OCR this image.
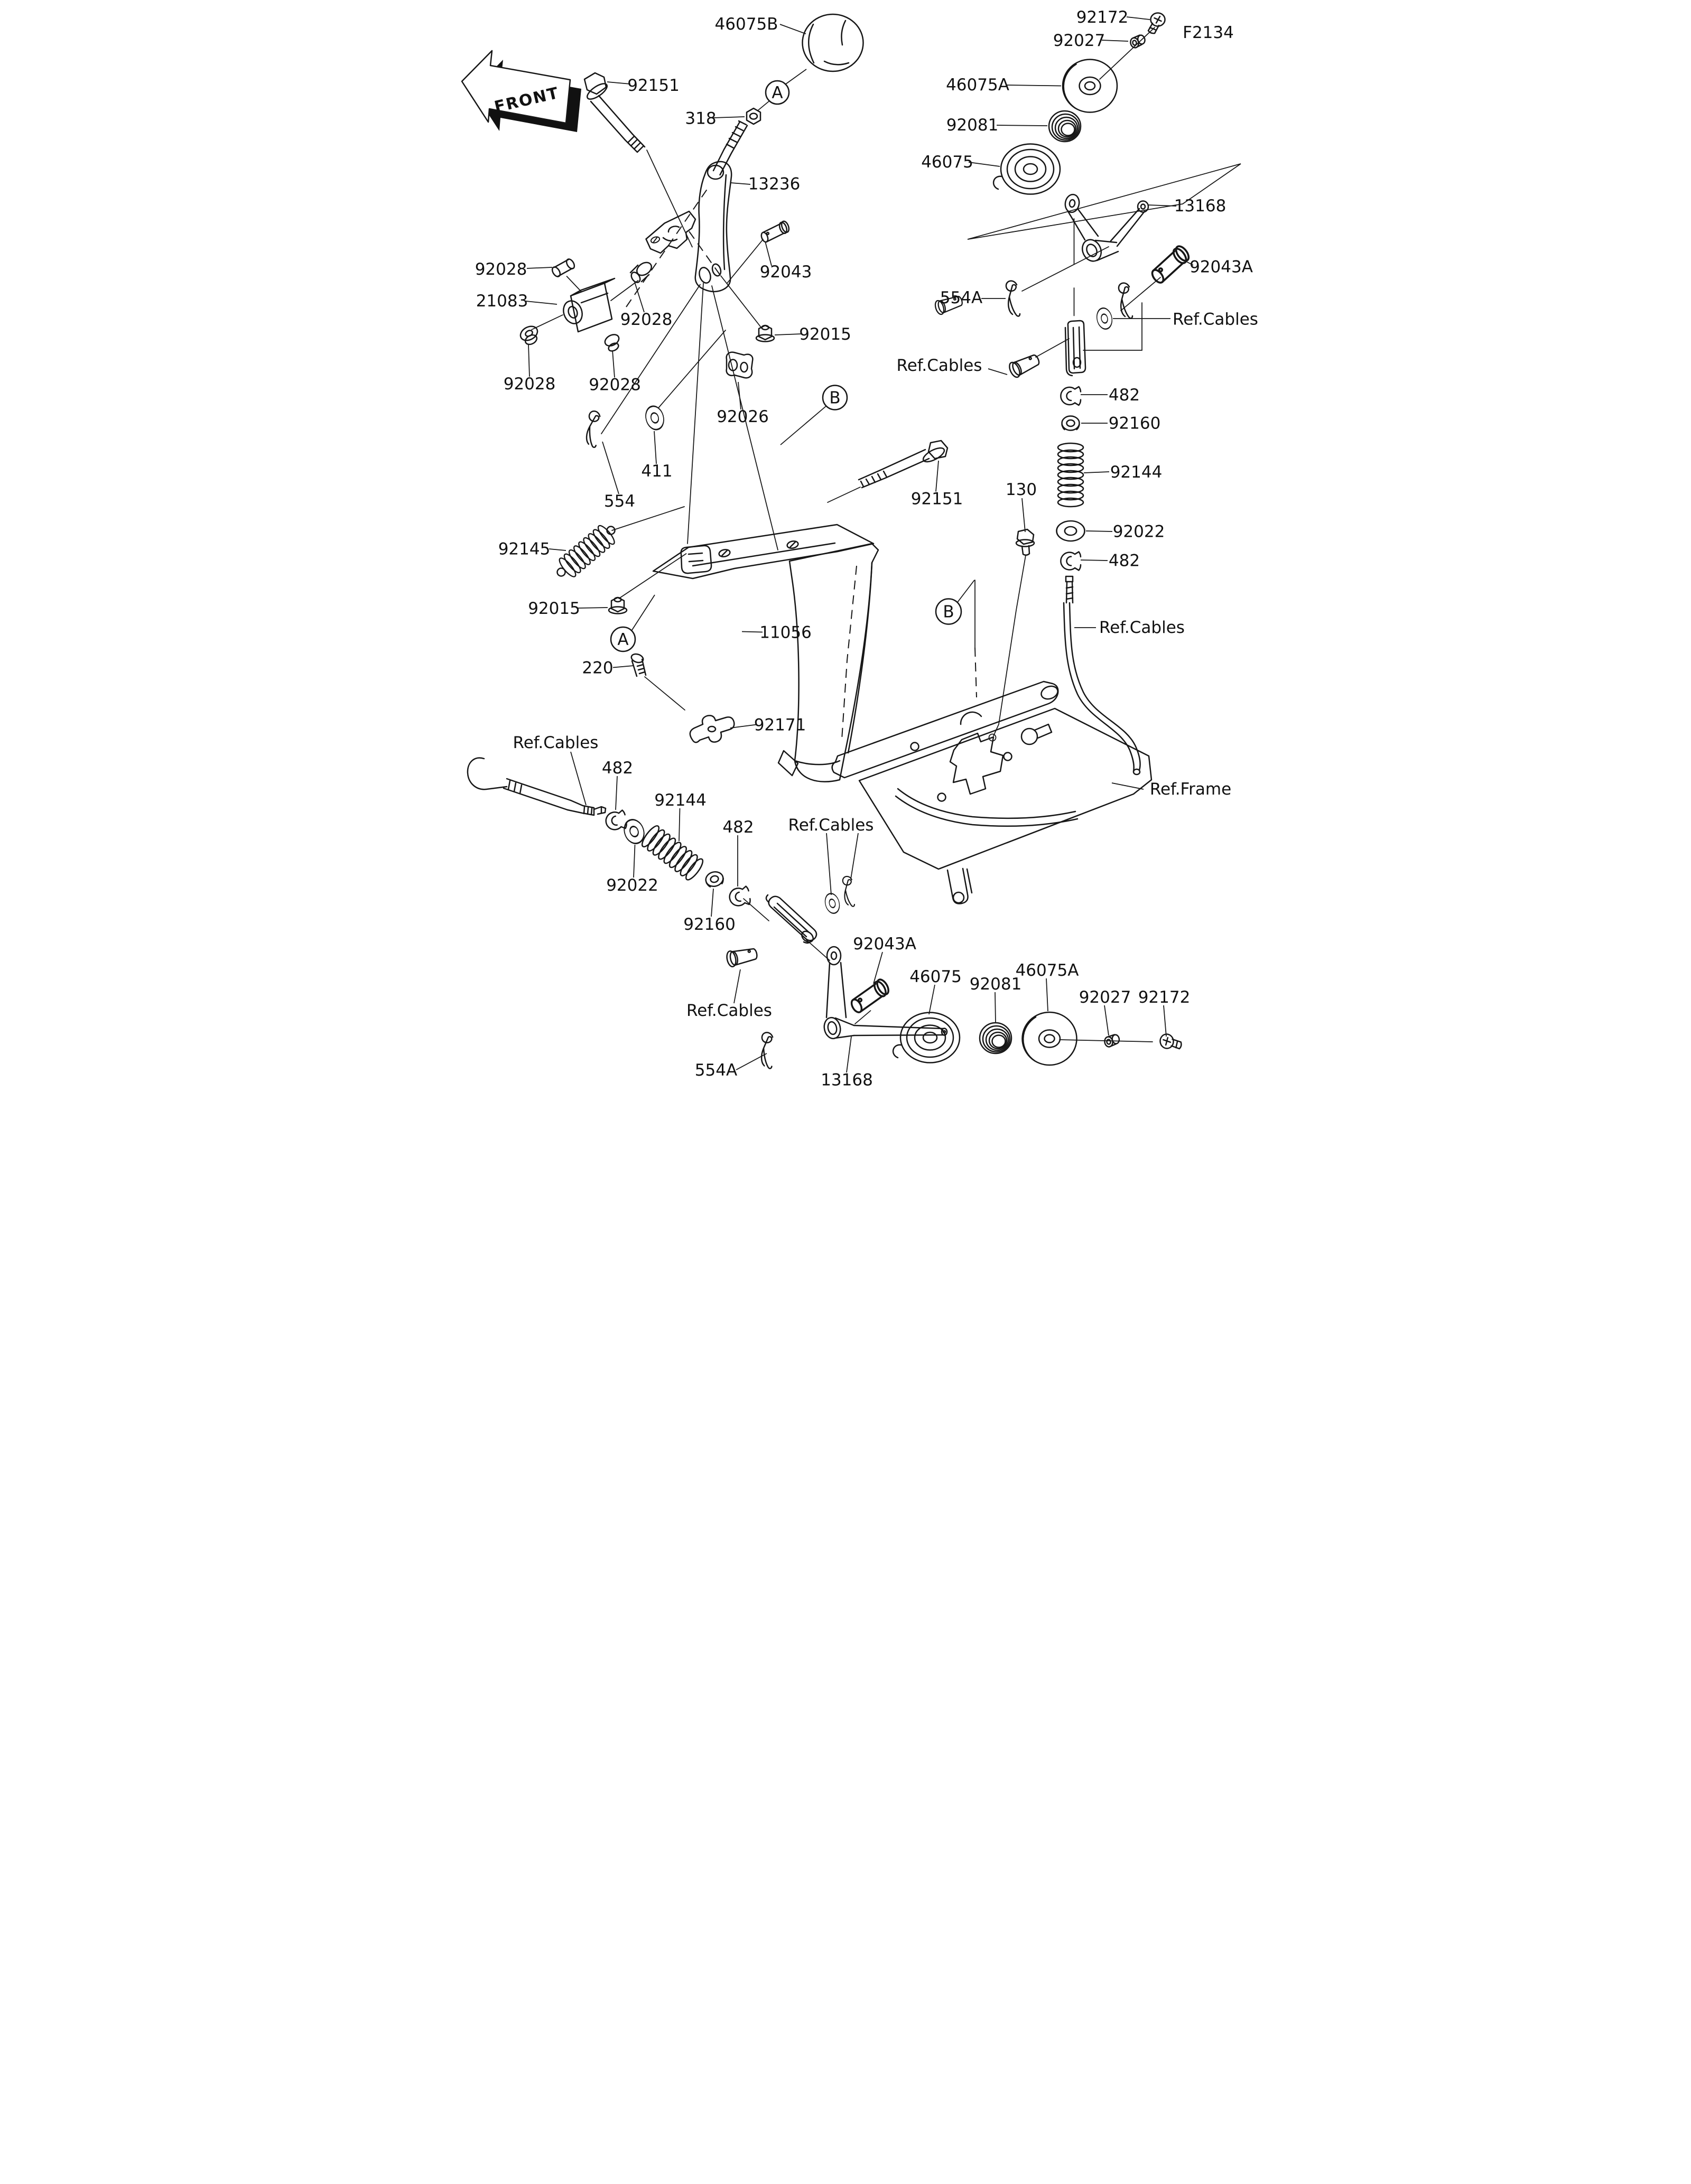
FRONT
F2134
46075B
92151
318
13236
92028
21083
92028
92043
92015
92028 92028
92026
554
411
92151
92145
92015
220
11056
92171
Ref.Cables
482
92144
92022
92160
482 Ref.Cables
Ref.Cables
92043A
46075 92081
46075A
92027 92172
554A
13168
92172
92027
46075A
92081
46075
13168
92043A
554A
Ref.Cables
Ref.Cables
482
92160
92144
130
92022
482
Ref.Cables
Ref.Frame
A
A
B
B
